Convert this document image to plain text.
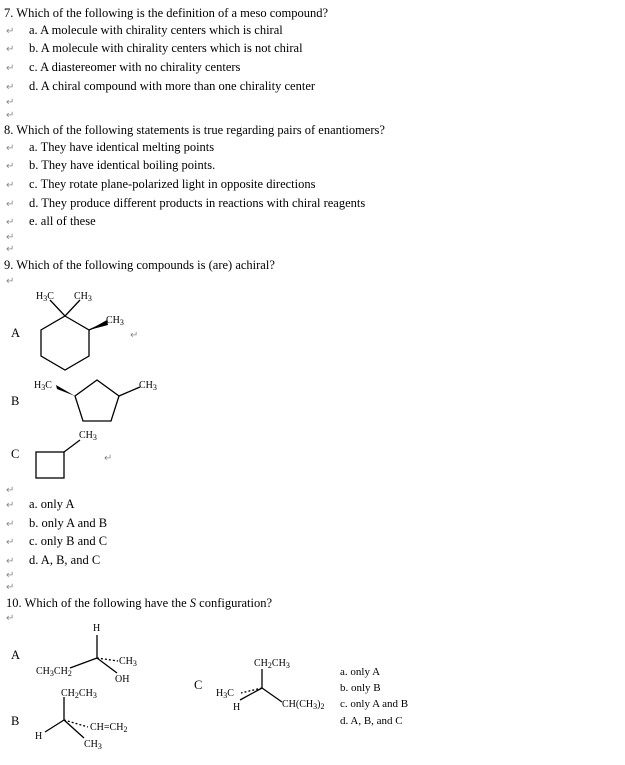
7. Which of the following is the definition of a meso compound?
a. A molecule with chirality centers which is chiral
b. A molecule with chirality centers which is not chiral
c. A diastereomer with no chirality centers
d. A chiral compound with more than one chirality center
8. Which of the following statements is true regarding pairs of enantiomers?
a. They have identical melting points
b. They have identical boiling points.
c. They rotate plane-polarized light in opposite directions
d. They produce different products in reactions with chiral reagents
e. all of these
9. Which of the following compounds is (are) achiral?
A
B
C
$H_3C$ $CH_3$
$CH_3$
$H_3C$	$CH_3$
$CH_3$
a. only A
b. only A and B
c. only B and C
d. A, B, and C
10. Which of the following have the S configuration?
A
B
C
H
$CH_3$
$CH_3CH_2$
OH
$CH_2CH_3$
H
$CH=CH_2$
$CH_3$
$CH_2CH_3$
$H_3C$
H	$CH(CH_3)_2$
a. only A
b. only B
c. only A and B
d. A, B, and C
↵
↵
↵
↵
↵
↵
↵
↵
↵
↵
↵
↵
↵
↵
↵
↵
↵
↵
↵
↵
↵
↵
↵
↵
